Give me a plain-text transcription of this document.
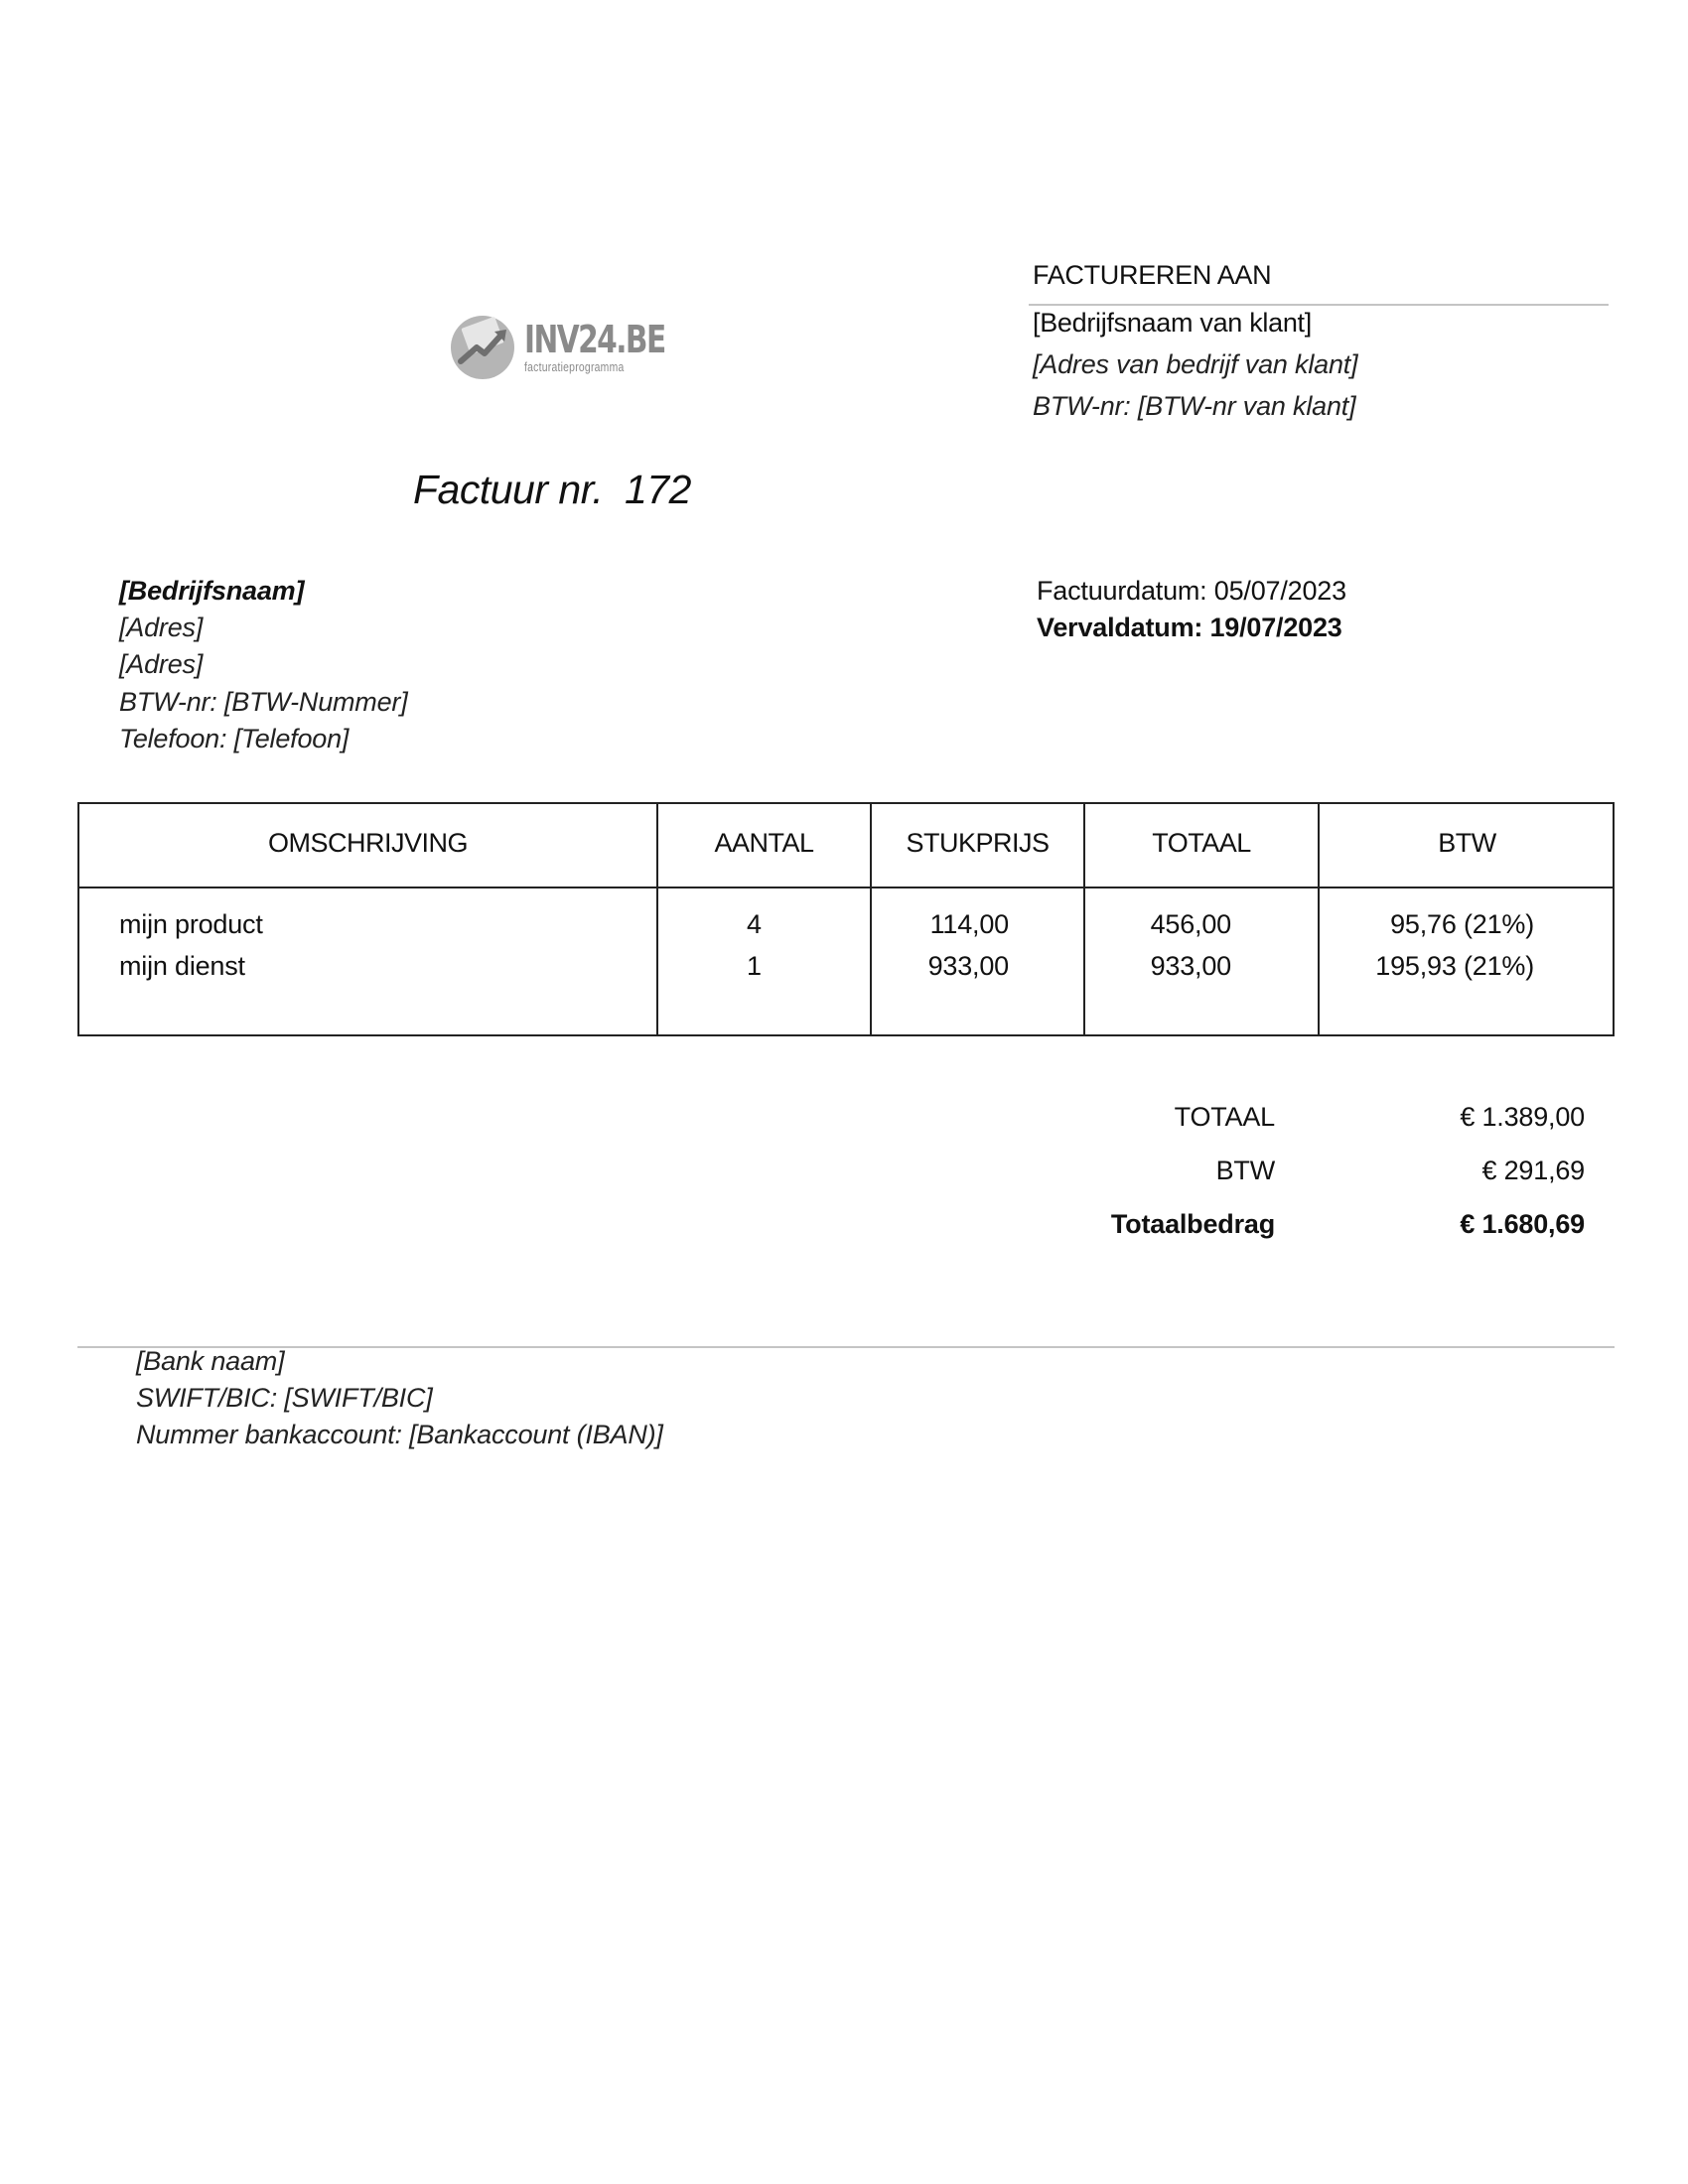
INV24.BE
facturatieprogramma
FACTUREREN AAN
[Bedrijfsnaam van klant]
[Adres van bedrijf van klant]
BTW-nr: [BTW-nr van klant]
Factuur nr.  172
[Bedrijfsnaam]
[Adres]
[Adres]
BTW-nr: [BTW-Nummer]
Telefoon: [Telefoon]
Factuurdatum: 05/07/2023
Vervaldatum: 19/07/2023
OMSCHRIJVING	AANTAL	STUKPRIJS	TOTAAL	BTW
mijn product	4	114,00	456,00	95,76 (21%)
mijn dienst	1	933,00	933,00	195,93 (21%)
TOTAAL	€ 1.389,00
BTW	€ 291,69
Totaalbedrag	€ 1.680,69
[Bank naam]
SWIFT/BIC: [SWIFT/BIC]
Nummer bankaccount: [Bankaccount (IBAN)]
